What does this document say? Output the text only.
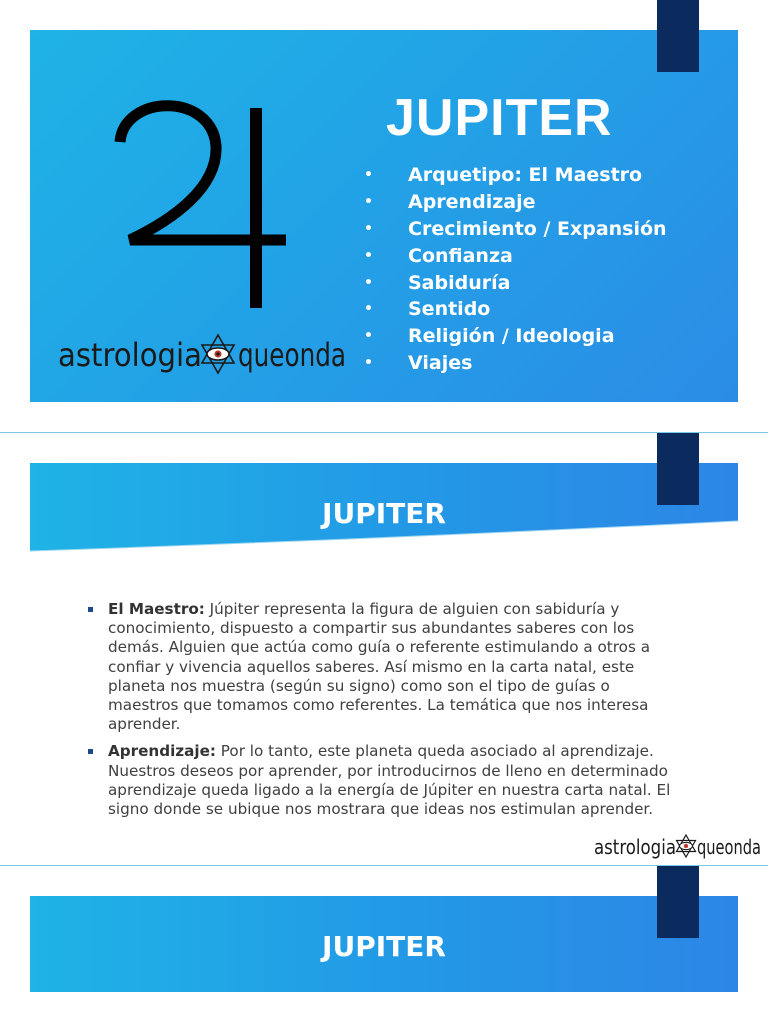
astrologia queonda
JUPITER
•	Arquetipo: El Maestro
•	Aprendizaje
•	Crecimiento / Expansión
•	Confianza
•	Sabiduría
•	Sentido
•	Religión / Ideologia
•	Viajes
JUPITER
El Maestro: Júpiter representa la figura de alguien con sabiduría y conocimiento, dispuesto a compartir sus abundantes saberes con los demás. Alguien que actúa como guía o referente estimulando a otros a confiar y vivencia aquellos saberes. Así mismo en la carta natal, este planeta nos muestra (según su signo) como son el tipo de guías o maestros que tomamos como referentes. La temática que nos interesa aprender.
Aprendizaje: Por lo tanto, este planeta queda asociado al aprendizaje. Nuestros deseos por aprender, por introducirnos de lleno en determinado aprendizaje queda ligado a la energía de Júpiter en nuestra carta natal. El signo donde se ubique nos mostrara que ideas nos estimulan aprender.
astrologia queonda
JUPITER
